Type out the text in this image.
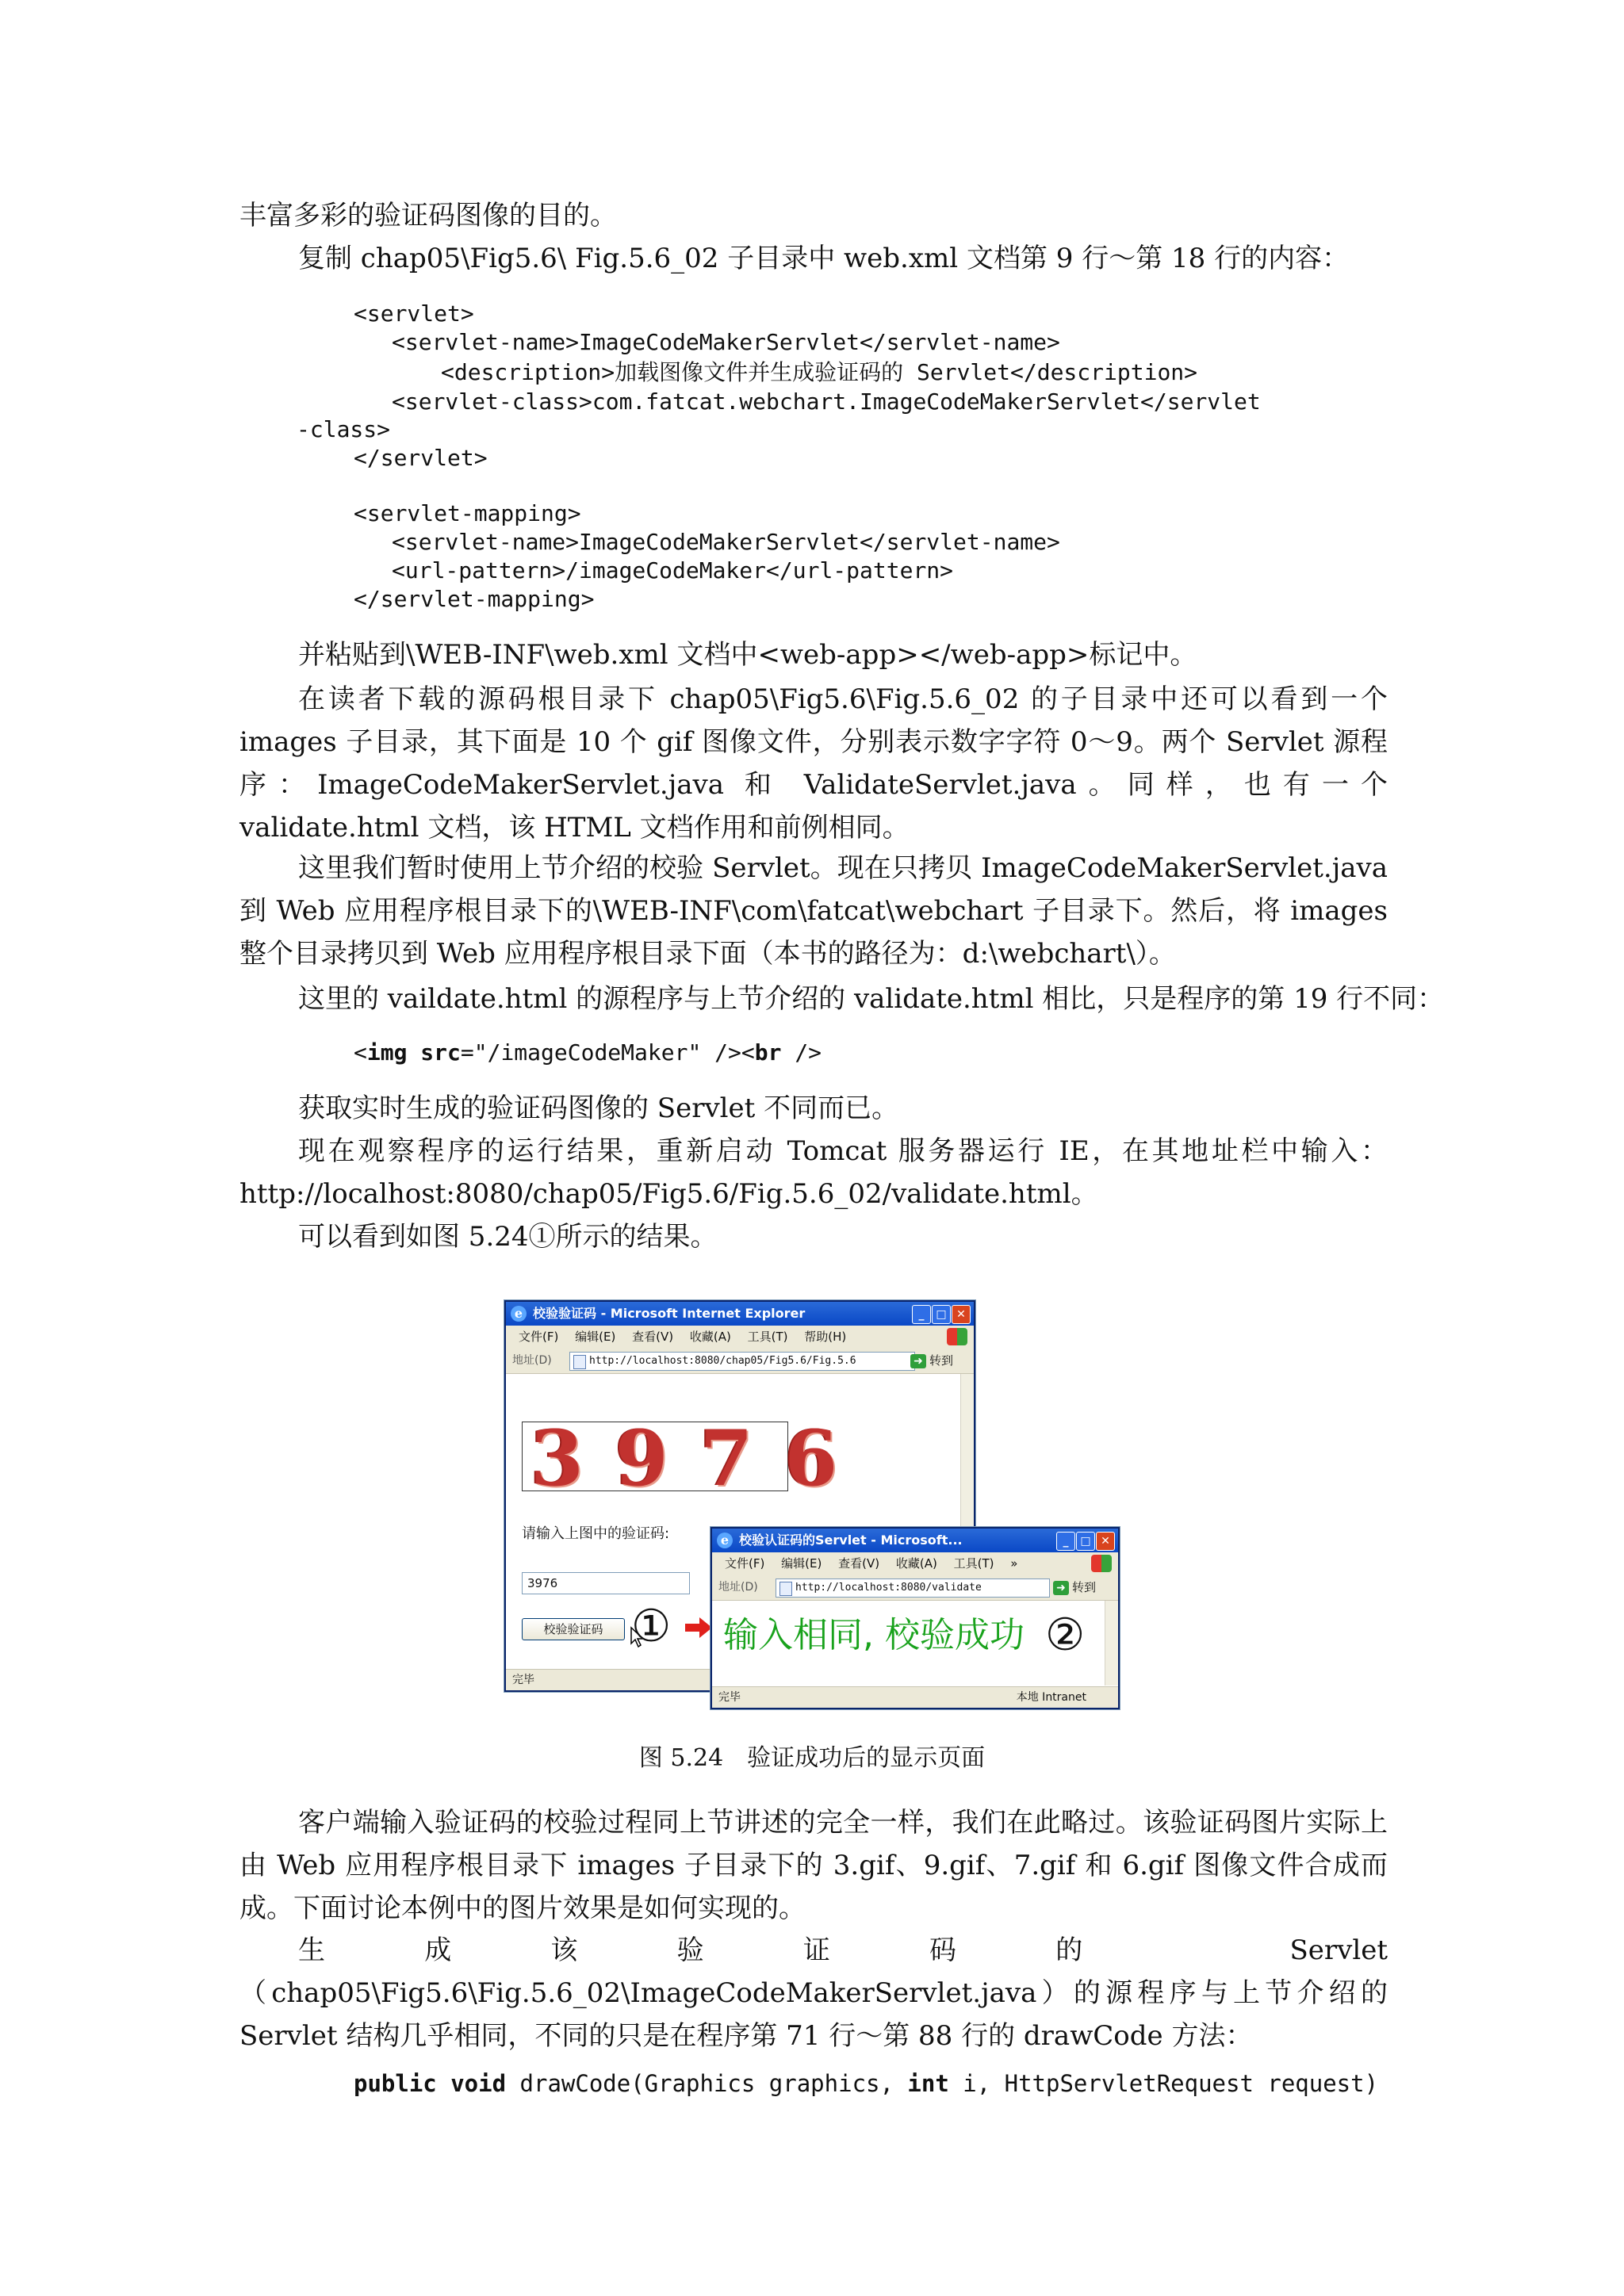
丰富多彩的验证码图像的目的。
复制 chap05\Fig5.6\ Fig.5.6_02 子目录中 web.xml 文档第 9 行～第 18 行的内容：
<servlet>
<servlet-name>ImageCodeMakerServlet</servlet-name>
<description>加载图像文件并生成验证码的 Servlet</description>
<servlet-class>com.fatcat.webchart.ImageCodeMakerServlet</servlet
-class>
</servlet>
<servlet-mapping>
<servlet-name>ImageCodeMakerServlet</servlet-name>
<url-pattern>/imageCodeMaker</url-pattern>
</servlet-mapping>
并粘贴到\WEB-INF\web.xml 文档中<web-app></web-app>标记中。
在读者下载的源码根目录下 chap05\Fig5.6\Fig.5.6_02 的子目录中还可以看到一个 images 子目录，其下面是 10 个 gif 图像文件，分别表示数字字符 0～9。两个 Servlet 源程序：ImageCodeMakerServlet.java 和 ValidateServlet.java。同样，也有一个 validate.html 文档，该 HTML 文档作用和前例相同。
这里我们暂时使用上节介绍的校验 Servlet。现在只拷贝 ImageCodeMakerServlet.java 到 Web 应用程序根目录下的\WEB-INF\com\fatcat\webchart 子目录下。然后，将 images 整个目录拷贝到 Web 应用程序根目录下面（本书的路径为：d:\webchart\）。
这里的 vaildate.html 的源程序与上节介绍的 validate.html 相比，只是程序的第 19 行不同：
<img src="/imageCodeMaker" /><br />
获取实时生成的验证码图像的 Servlet 不同而已。
现在观察程序的运行结果，重新启动 Tomcat 服务器运行 IE，在其地址栏中输入：http://localhost:8080/chap05/Fig5.6/Fig.5.6_02/validate.html。
可以看到如图 5.24①所示的结果。
e 校验验证码 - Microsoft Internet Explorer	_	□ ✕
文件(F) 编辑(E) 查看(V) 收藏(A) 工具(T) 帮助(H)
地址(D)	http://localhost:8080/chap05/Fig5.6/Fig.5.6	➜ 转到
3976
请输入上图中的验证码:
3976
校验验证码
完毕
①
e 校验认证码的Servlet - Microsoft...	_	□ ✕
文件(F) 编辑(E) 查看(V) 收藏(A) 工具(T) »
地址(D)	http://localhost:8080/validate	➜ 转到
输入相同, 校验成功 ②
完毕	本地 Intranet
图 5.24　验证成功后的显示页面
客户端输入验证码的校验过程同上节讲述的完全一样，我们在此略过。该验证码图片实际上由 Web 应用程序根目录下 images 子目录下的 3.gif、9.gif、7.gif 和 6.gif 图像文件合成而成。下面讨论本例中的图片效果是如何实现的。
生成该验证码的 Servlet（chap05\Fig5.6\Fig.5.6_02\ImageCodeMakerServlet.java）的源程序与上节介绍的 Servlet 结构几乎相同，不同的只是在程序第 71 行～第 88 行的 drawCode 方法：
public void drawCode(Graphics graphics, int i, HttpServletRequest request)
